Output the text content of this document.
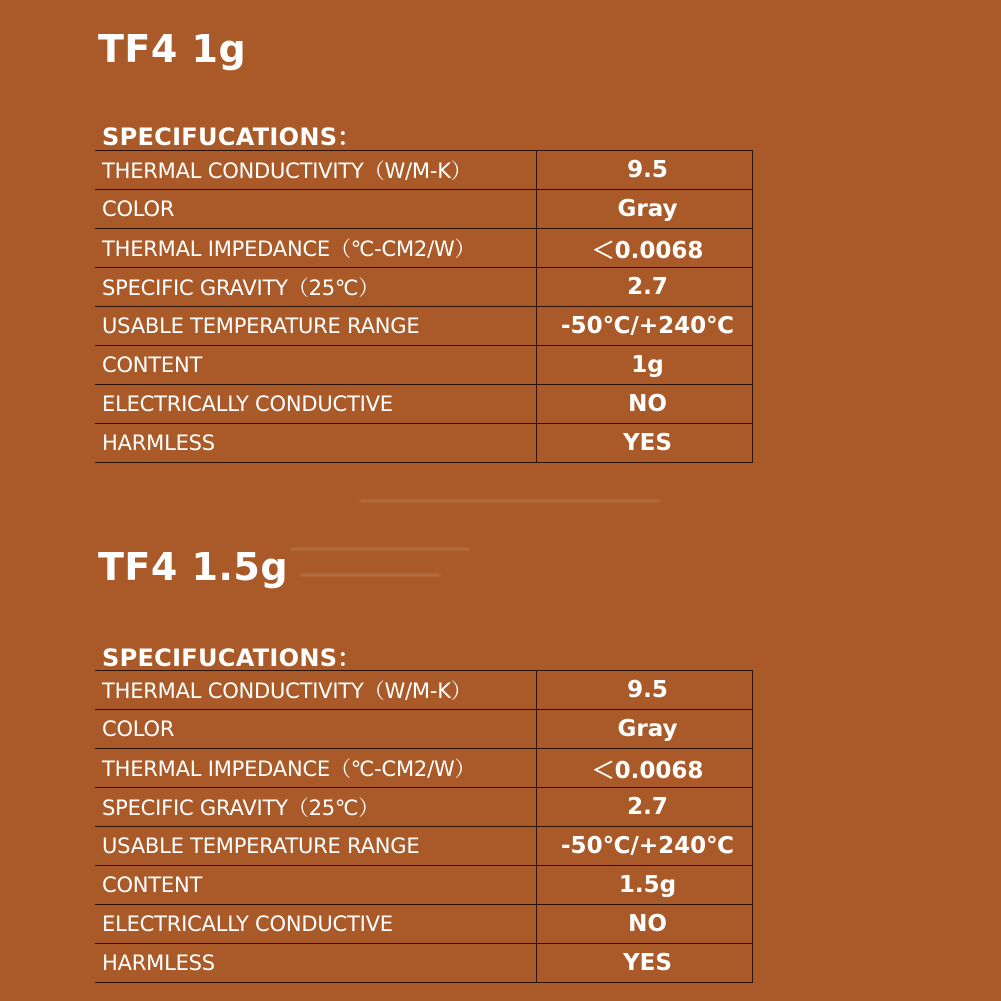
TF4 1g
SPECIFUCATIONS：
THERMAL CONDUCTIVITY（W/M-K）	9.5
COLOR	Gray
THERMAL IMPEDANCE（℃-CM2/W）	＜0.0068
SPECIFIC GRAVITY（25℃）	2.7
USABLE TEMPERATURE RANGE	-50℃/+240℃
CONTENT	1g
ELECTRICALLY CONDUCTIVE	NO
HARMLESS	YES
TF4 1.5g
SPECIFUCATIONS：
THERMAL CONDUCTIVITY（W/M-K）	9.5
COLOR	Gray
THERMAL IMPEDANCE（℃-CM2/W）	＜0.0068
SPECIFIC GRAVITY（25℃）	2.7
USABLE TEMPERATURE RANGE	-50℃/+240℃
CONTENT	1.5g
ELECTRICALLY CONDUCTIVE	NO
HARMLESS	YES
